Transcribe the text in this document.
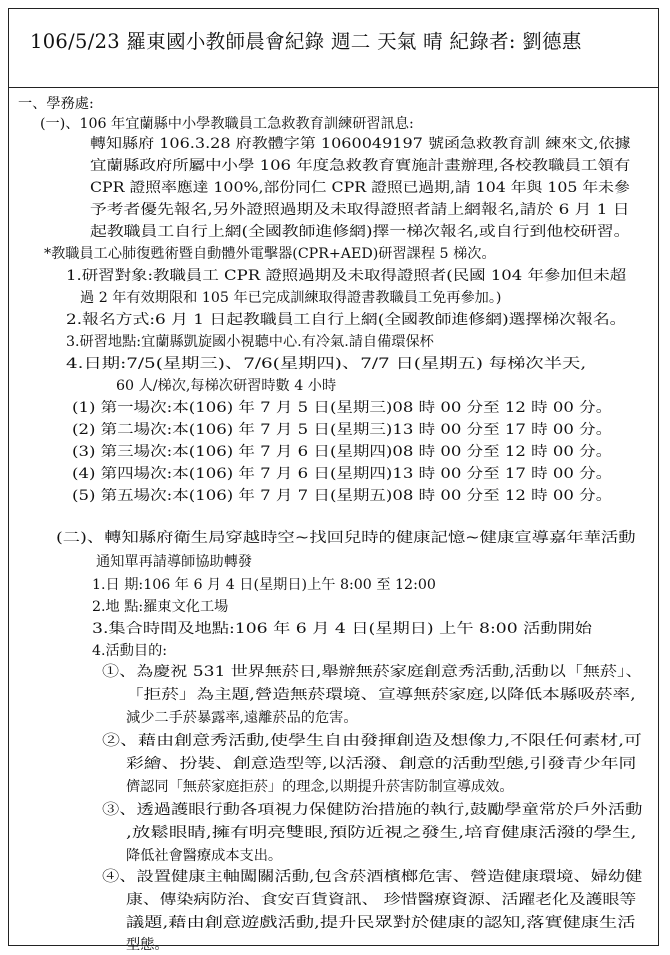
106/5/23 羅東國小教師晨會紀錄 週二 天氣 晴 紀錄者: 劉德惠
一、學務處:
(一)、106 年宜蘭縣中小學教職員工急救教育訓練研習訊息:
轉知縣府 106.3.28 府教體字第 1060049197 號函急救教育訓 練來文,依據
宜蘭縣政府所屬中小學 106 年度急救教育實施計畫辦理,各校教職員工領有
CPR 證照率應達 100%,部份同仁 CPR 證照已過期,請 104 年與 105 年未參
予考者優先報名,另外證照過期及未取得證照者請上網報名,請於 6 月 1 日
起教職員工自行上網(全國教師進修網)擇一梯次報名,或自行到他校研習。
*教職員工心肺復甦術暨自動體外電擊器(CPR+AED)研習課程 5 梯次。
1.研習對象:教職員工 CPR 證照過期及未取得證照者(民國 104 年參加但未超
過 2 年有效期限和 105 年已完成訓練取得證書教職員工免再參加。)
2.報名方式:6 月 1 日起教職員工自行上網(全國教師進修網)選擇梯次報名。
3.研習地點:宜蘭縣凱旋國小視聽中心.有冷氣.請自備環保杯
4.日期:7/5(星期三)、7/6(星期四)、7/7 日(星期五) 每梯次半天,
60 人/梯次,每梯次研習時數 4 小時
(1) 第一場次:本(106) 年 7 月 5 日(星期三)08 時 00 分至 12 時 00 分。
(2) 第二場次:本(106) 年 7 月 5 日(星期三)13 時 00 分至 17 時 00 分。
(3) 第三場次:本(106) 年 7 月 6 日(星期四)08 時 00 分至 12 時 00 分。
(4) 第四場次:本(106) 年 7 月 6 日(星期四)13 時 00 分至 17 時 00 分。
(5) 第五場次:本(106) 年 7 月 7 日(星期五)08 時 00 分至 12 時 00 分。
(二)、轉知縣府衛生局穿越時空~找回兒時的健康記憶~健康宣導嘉年華活動
通知單再請導師協助轉發
1.日 期:106 年 6 月 4 日(星期日)上午 8:00 至 12:00
2.地 點:羅東文化工場
3.集合時間及地點:106 年 6 月 4 日(星期日) 上午 8:00 活動開始
4.活動目的:
①、為慶祝 531 世界無菸日,舉辦無菸家庭創意秀活動,活動以「無菸」、
「拒菸」為主題,營造無菸環境、宣導無菸家庭,以降低本縣吸菸率,
減少二手菸暴露率,遠離菸品的危害。
②、藉由創意秀活動,使學生自由發揮創造及想像力,不限任何素材,可
彩繪、扮裝、創意造型等,以活潑、創意的活動型態,引發青少年同
儕認同「無菸家庭拒菸」的理念,以期提升菸害防制宣導成效。
③、透過護眼行動各項視力保健防治措施的執行,鼓勵學童常於戶外活動
,放鬆眼睛,擁有明亮雙眼,預防近視之發生,培育健康活潑的學生,
降低社會醫療成本支出。
④、設置健康主軸闖關活動,包含菸酒檳榔危害、營造健康環境、婦幼健
康、傳染病防治、食安百貨資訊、 珍惜醫療資源、活躍老化及護眼等
議題,藉由創意遊戲活動,提升民眾對於健康的認知,落實健康生活
型態。
